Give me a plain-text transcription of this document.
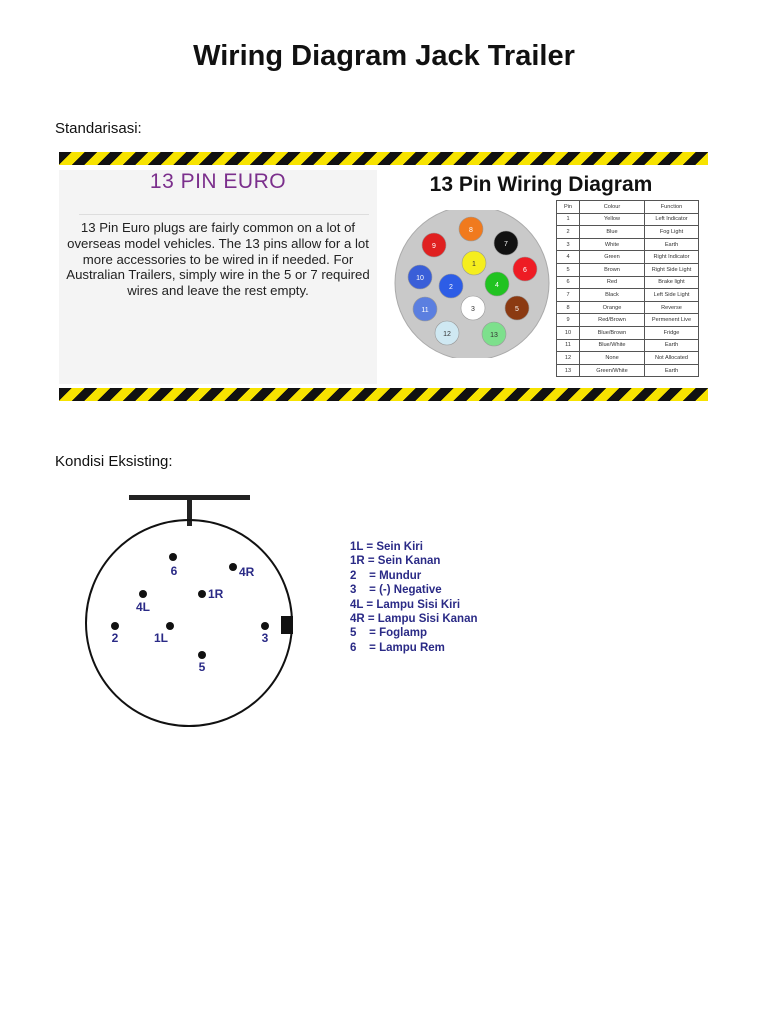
Wiring Diagram Jack Trailer

Standarisasi:

13 PIN EURO

13 Pin Euro plugs are fairly common on a lot of overseas model vehicles. The 13 pins allow for a lot more accessories to be wired in if needed. For Australian Trailers, simply wire in the 5 or 7 required wires and leave the rest empty.

13 Pin Wiring Diagram

8
7
9
1
6
10
2	4
11	3	5
12	13
Pin	Colour	Function
1	Yellow	Left Indicator
2	Blue	Fog Light
3	White	Earth
4	Green	Right Indicator
5	Brown	Right Side Light
6	Red	Brake light
7	Black	Left Side Light
8	Orange	Reverse
9	Red/Brown	Permenent Live
10	Blue/Brown	Fridge
11	Blue/White	Earth
12	None	Not Allocated
13	Green/White	Earth

Kondisi Eksisting:

6	4R
4L
1R
2	1L	3
5
1L = Sein Kiri
1R = Sein Kanan
2    = Mundur
3    = (-) Negative
4L = Lampu Sisi Kiri
4R = Lampu Sisi Kanan
5    = Foglamp
6    = Lampu Rem
